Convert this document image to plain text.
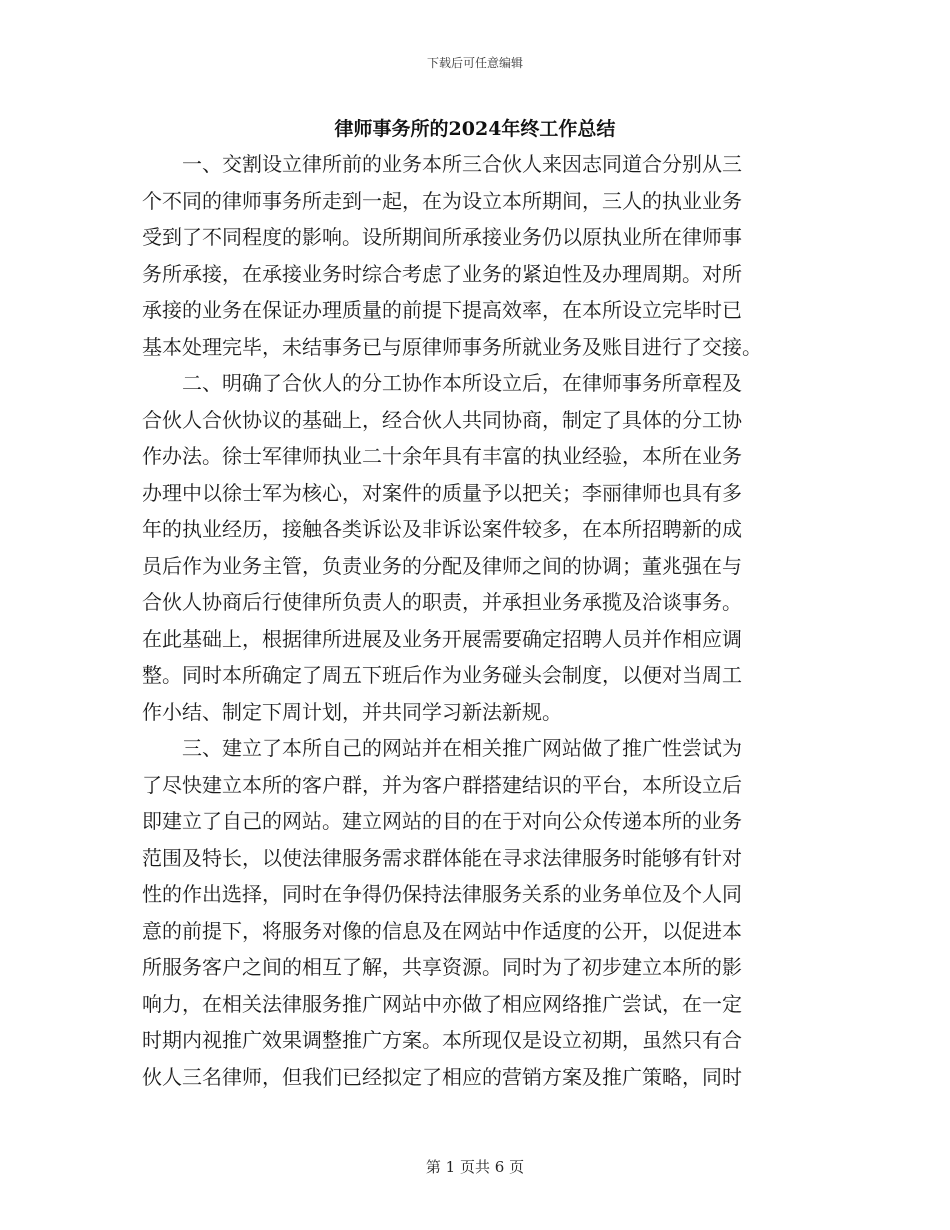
下载后可任意编辑
律师事务所的2024年终工作总结
一、交割设立律所前的业务本所三合伙人来因志同道合分别从三
个不同的律师事务所走到一起，在为设立本所期间，三人的执业业务
受到了不同程度的影响。设所期间所承接业务仍以原执业所在律师事
务所承接，在承接业务时综合考虑了业务的紧迫性及办理周期。对所
承接的业务在保证办理质量的前提下提高效率，在本所设立完毕时已
基本处理完毕，未结事务已与原律师事务所就业务及账目进行了交接。
二、明确了合伙人的分工协作本所设立后，在律师事务所章程及
合伙人合伙协议的基础上，经合伙人共同协商，制定了具体的分工协
作办法。徐士军律师执业二十余年具有丰富的执业经验，本所在业务
办理中以徐士军为核心，对案件的质量予以把关；李丽律师也具有多
年的执业经历，接触各类诉讼及非诉讼案件较多，在本所招聘新的成
员后作为业务主管，负责业务的分配及律师之间的协调；董兆强在与
合伙人协商后行使律所负责人的职责，并承担业务承揽及洽谈事务。
在此基础上，根据律所进展及业务开展需要确定招聘人员并作相应调
整。同时本所确定了周五下班后作为业务碰头会制度，以便对当周工
作小结、制定下周计划，并共同学习新法新规。
三、建立了本所自己的网站并在相关推广网站做了推广性尝试为
了尽快建立本所的客户群，并为客户群搭建结识的平台，本所设立后
即建立了自己的网站。建立网站的目的在于对向公众传递本所的业务
范围及特长，以使法律服务需求群体能在寻求法律服务时能够有针对
性的作出选择，同时在争得仍保持法律服务关系的业务单位及个人同
意的前提下，将服务对像的信息及在网站中作适度的公开，以促进本
所服务客户之间的相互了解，共享资源。同时为了初步建立本所的影
响力，在相关法律服务推广网站中亦做了相应网络推广尝试，在一定
时期内视推广效果调整推广方案。本所现仅是设立初期，虽然只有合
伙人三名律师，但我们已经拟定了相应的营销方案及推广策略，同时
第 1 页共 6 页
